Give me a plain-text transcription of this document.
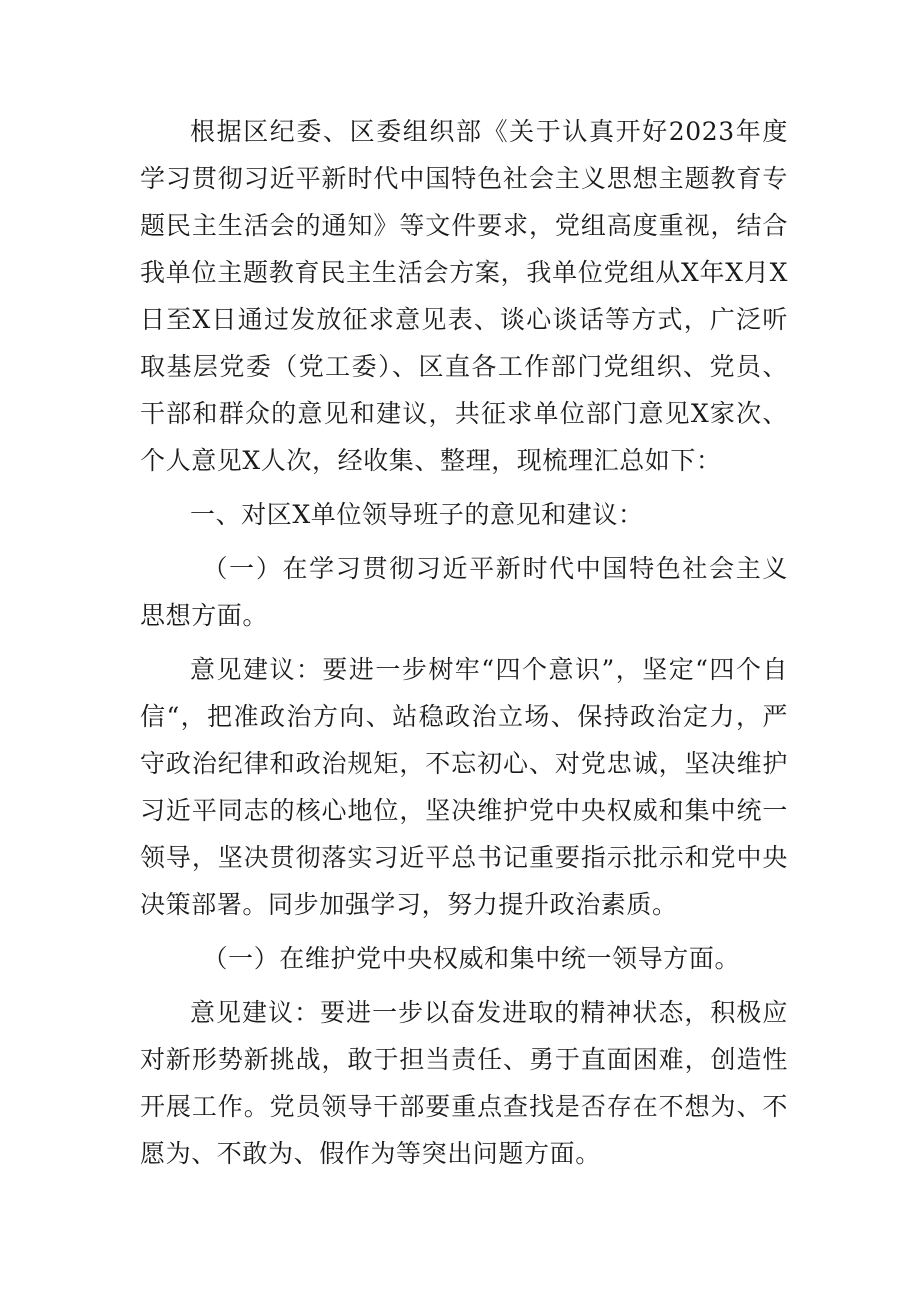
根据区纪委、区委组织部《关于认真开好2023年度学习贯彻习近平新时代中国特色社会主义思想主题教育专题民主生活会的通知》等文件要求，党组高度重视，结合我单位主题教育民主生活会方案，我单位党组从X年X月X日至X日通过发放征求意见表、谈心谈话等方式，广泛听取基层党委（党工委）、区直各工作部门党组织、党员、干部和群众的意见和建议，共征求单位部门意见X家次、个人意见X人次，经收集、整理，现梳理汇总如下：

一、对区X单位领导班子的意见和建议：

（一）在学习贯彻习近平新时代中国特色社会主义思想方面。

意见建议：要进一步树牢“四个意识”，坚定“四个自信“，把准政治方向、站稳政治立场、保持政治定力，严守政治纪律和政治规矩，不忘初心、对党忠诚，坚决维护习近平同志的核心地位，坚决维护党中央权威和集中统一领导，坚决贯彻落实习近平总书记重要指示批示和党中央决策部署。同步加强学习，努力提升政治素质。

（一）在维护党中央权威和集中统一领导方面。

意见建议：要进一步以奋发进取的精神状态，积极应对新形势新挑战，敢于担当责任、勇于直面困难，创造性开展工作。党员领导干部要重点查找是否存在不想为、不愿为、不敢为、假作为等突出问题方面。
